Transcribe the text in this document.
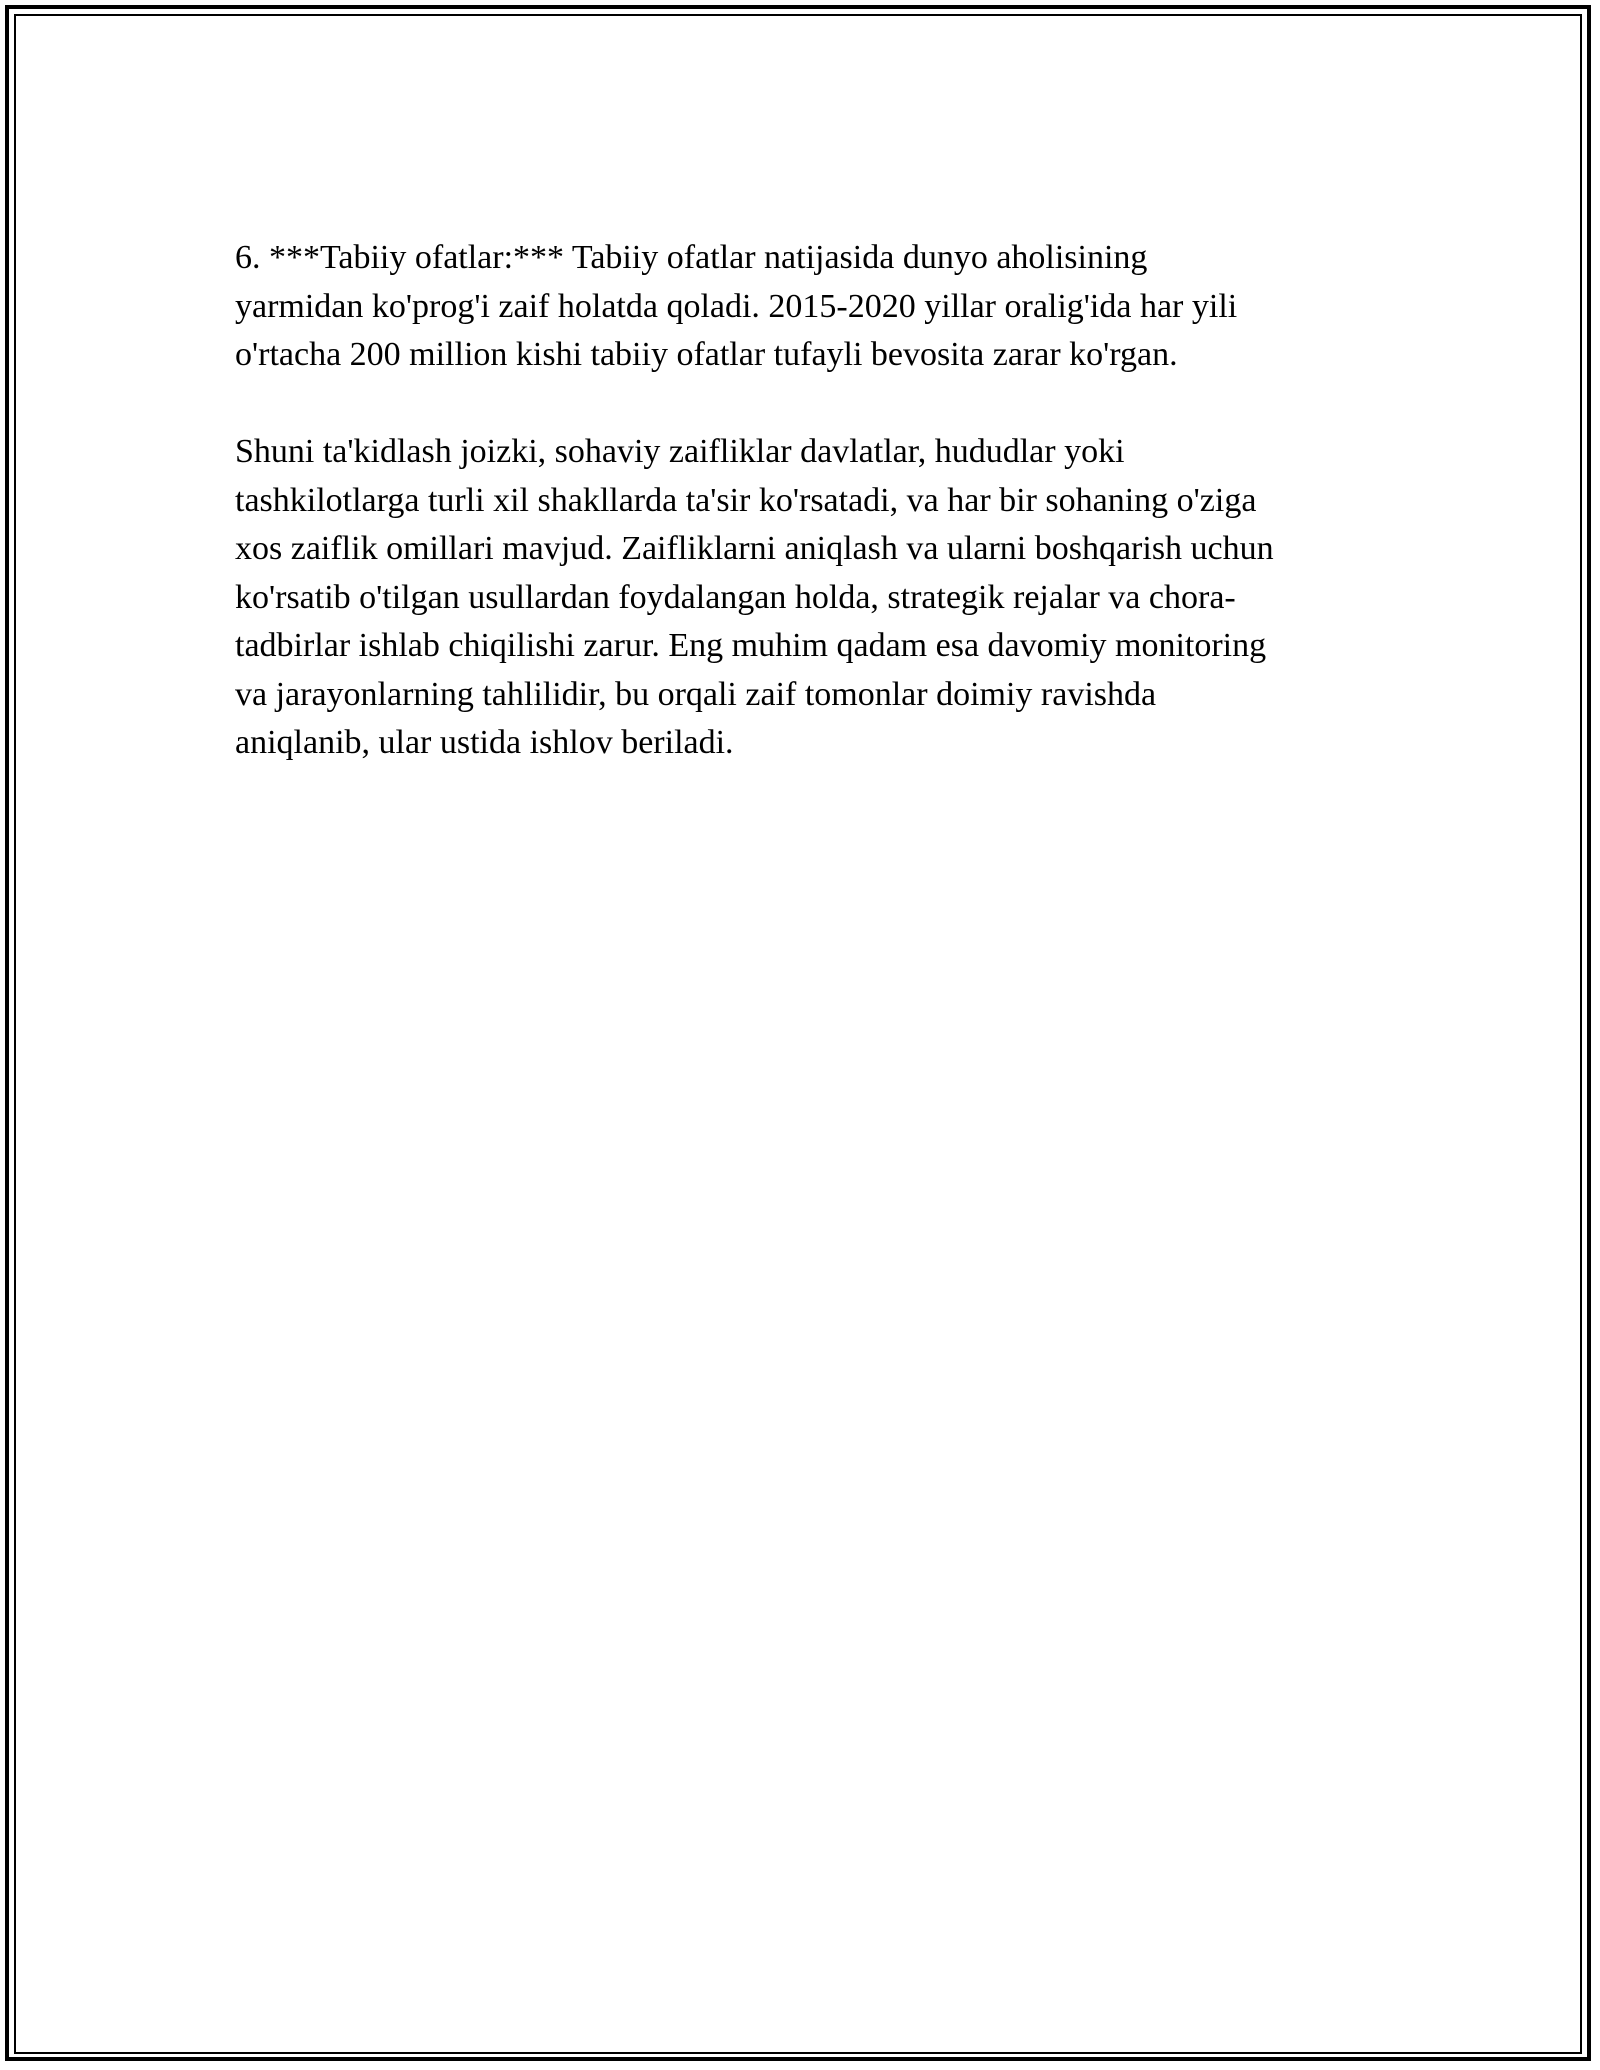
6. ***Tabiiy ofatlar:*** Tabiiy ofatlar natijasida dunyo aholisining
yarmidan ko'prog'i zaif holatda qoladi. 2015-2020 yillar oralig'ida har yili
o'rtacha 200 million kishi tabiiy ofatlar tufayli bevosita zarar ko'rgan.
Shuni ta'kidlash joizki, sohaviy zaifliklar davlatlar, hududlar yoki
tashkilotlarga turli xil shakllarda ta'sir ko'rsatadi, va har bir sohaning o'ziga
xos zaiflik omillari mavjud. Zaifliklarni aniqlash va ularni boshqarish uchun
ko'rsatib o'tilgan usullardan foydalangan holda, strategik rejalar va chora-
tadbirlar ishlab chiqilishi zarur. Eng muhim qadam esa davomiy monitoring
va jarayonlarning tahlilidir, bu orqali zaif tomonlar doimiy ravishda
aniqlanib, ular ustida ishlov beriladi.
